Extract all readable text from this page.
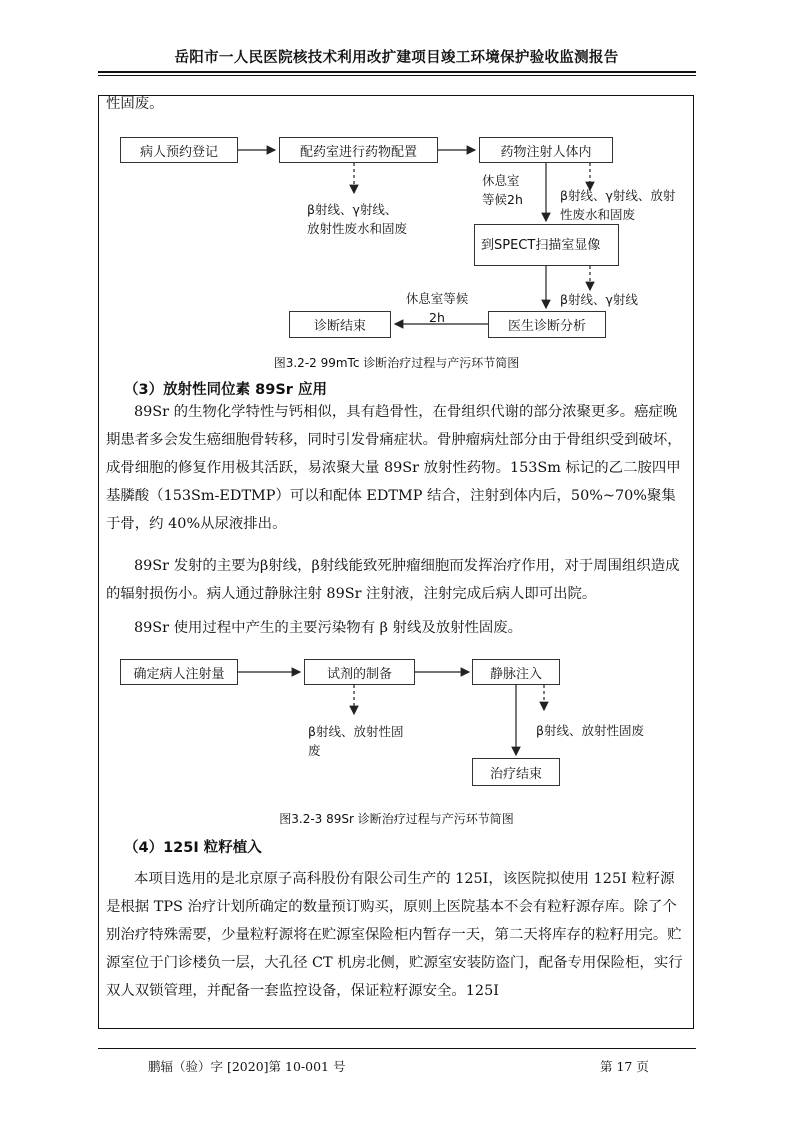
岳阳市一人民医院核技术利用改扩建项目竣工环境保护验收监测报告
性固废。
病人预约登记	配药室进行药物配置	药物注射人体内
到SPECT扫描室显像
医生诊断分析
诊断结束
β射线、γ射线、放射性废水和固废
β射线、γ射线、放射性废水和固废
休息室等候2h
β射线、γ射线
休息室等候2h
图3.2-2 99mTc 诊断治疗过程与产污环节简图
（3）放射性同位素 89Sr 应用
89Sr 的生物化学特性与钙相似，具有趋骨性，在骨组织代谢的部分浓聚更多。癌症晚期患者多会发生癌细胞骨转移，同时引发骨痛症状。骨肿瘤病灶部分由于骨组织受到破坏，成骨细胞的修复作用极其活跃，易浓聚大量 89Sr 放射性药物。153Sm 标记的乙二胺四甲基膦酸（153Sm-EDTMP）可以和配体 EDTMP 结合，注射到体内后，50%~70%聚集于骨，约 40%从尿液排出。
89Sr 发射的主要为β射线，β射线能致死肿瘤细胞而发挥治疗作用，对于周围组织造成的辐射损伤小。病人通过静脉注射 89Sr 注射液，注射完成后病人即可出院。
89Sr 使用过程中产生的主要污染物有 β 射线及放射性固废。
确定病人注射量	试剂的制备	静脉注入
治疗结束
β射线、放射性固废
β射线、放射性固废
图3.2-3 89Sr 诊断治疗过程与产污环节简图
（4）125I 粒籽植入
本项目选用的是北京原子高科股份有限公司生产的 125I，该医院拟使用 125I 粒籽源是根据 TPS 治疗计划所确定的数量预订购买，原则上医院基本不会有粒籽源存库。除了个别治疗特殊需要，少量粒籽源将在贮源室保险柜内暂存一天，第二天将库存的粒籽用完。贮源室位于门诊楼负一层，大孔径 CT 机房北侧，贮源室安装防盗门，配备专用保险柜，实行双人双锁管理，并配备一套监控设备，保证粒籽源安全。125I
鹏辐（验）字 [2020]第 10-001 号	第 17 页
